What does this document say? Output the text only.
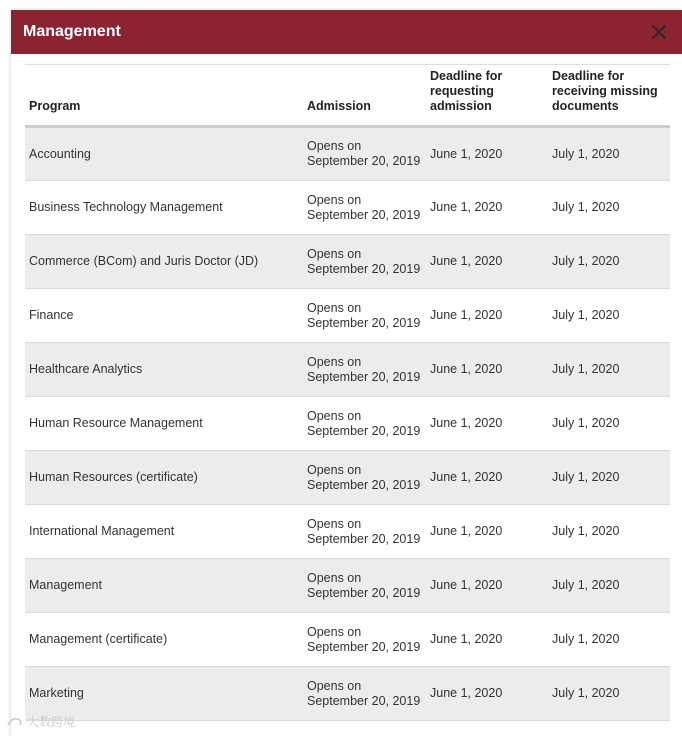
Management
Program	Admission	Deadline for requesting admission	Deadline for receiving missing documents
Accounting	Opens on September 20, 2019	June 1, 2020	July 1, 2020
Business Technology Management	Opens on September 20, 2019	June 1, 2020	July 1, 2020
Commerce (BCom) and Juris Doctor (JD)	Opens on September 20, 2019	June 1, 2020	July 1, 2020
Finance	Opens on September 20, 2019	June 1, 2020	July 1, 2020
Healthcare Analytics	Opens on September 20, 2019	June 1, 2020	July 1, 2020
Human Resource Management	Opens on September 20, 2019	June 1, 2020	July 1, 2020
Human Resources (certificate)	Opens on September 20, 2019	June 1, 2020	July 1, 2020
International Management	Opens on September 20, 2019	June 1, 2020	July 1, 2020
Management	Opens on September 20, 2019	June 1, 2020	July 1, 2020
Management (certificate)	Opens on September 20, 2019	June 1, 2020	July 1, 2020
Marketing	Opens on September 20, 2019	June 1, 2020	July 1, 2020
大数跨境
